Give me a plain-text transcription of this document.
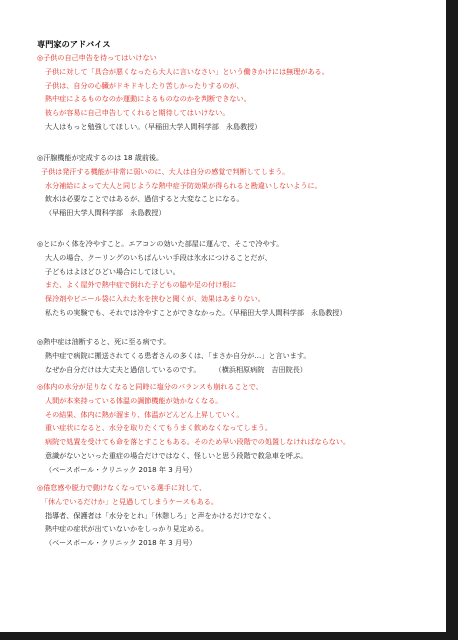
専門家のアドバイス
◎子供の自己申告を待ってはいけない
子供に対して「具合が悪くなったら大人に言いなさい」という働きかけには無理がある。
子供は、自分の心臓がドキドキしたり苦しかったりするのが、
熱中症によるものなのか運動によるものなのかを判断できない。
彼らが容易に自己申告してくれると期待してはいけない。
大人はもっと勉強してほしい。（早稲田大学人間科学部　永島教授）
◎汗腺機能が完成するのは 18 歳前後。
子供は発汗する機能が非常に弱いのに、大人は自分の感覚で判断してしまう。
水分補給によって大人と同じような熱中症予防効果が得られると勘違いしないように。
飲水は必要なことではあるが、過信すると大変なことになる。
（早稲田大学人間科学部　永島教授）
◎とにかく体を冷やすこと。エアコンの効いた部屋に運んで、そこで冷やす。
大人の場合、クーリングのいちばんいい手段は氷水につけることだが、
子どもはよほどひどい場合にしてほしい。
また、よく屋外で熱中症で倒れた子どもの脇や足の付け根に
保冷剤やビニール袋に入れた氷を挟むと聞くが、効果はあまりない。
私たちの実験でも、それでは冷やすことができなかった。（早稲田大学人間科学部　永島教授）
◎熱中症は油断すると、死に至る病です。
熱中症で病院に搬送されてくる患者さんの多くは、「まさか自分が…」と言います。
なぜか自分だけは大丈夫と過信しているのです。　　　（横浜相原病院　吉田院長）
◎体内の水分が足りなくなると同時に塩分のバランスも崩れることで、
人間が本来持っている体温の調節機能が効かなくなる。
その結果、体内に熱が溜まり、体温がどんどん上昇していく。
重い症状になると、水分を取りたくてもうまく飲めなくなってしまう。
病院で処置を受けても命を落とすこともある。そのため早い段階での処置しなければならない。
意識がないといった重症の場合だけではなく、怪しいと思う段階で救急車を呼ぶ。
（ベースボール・クリニック 2018 年 3 月号）
◎倦怠感や脱力で動けなくなっている選手に対して、
「休んでいるだけか」と見過してしまうケースもある。
指導者、保護者は「水分をとれ」「休憩しろ」と声をかけるだけでなく、
熱中症の症状が出ていないかをしっかり見定める。
（ベースボール・クリニック 2018 年 3 月号）
